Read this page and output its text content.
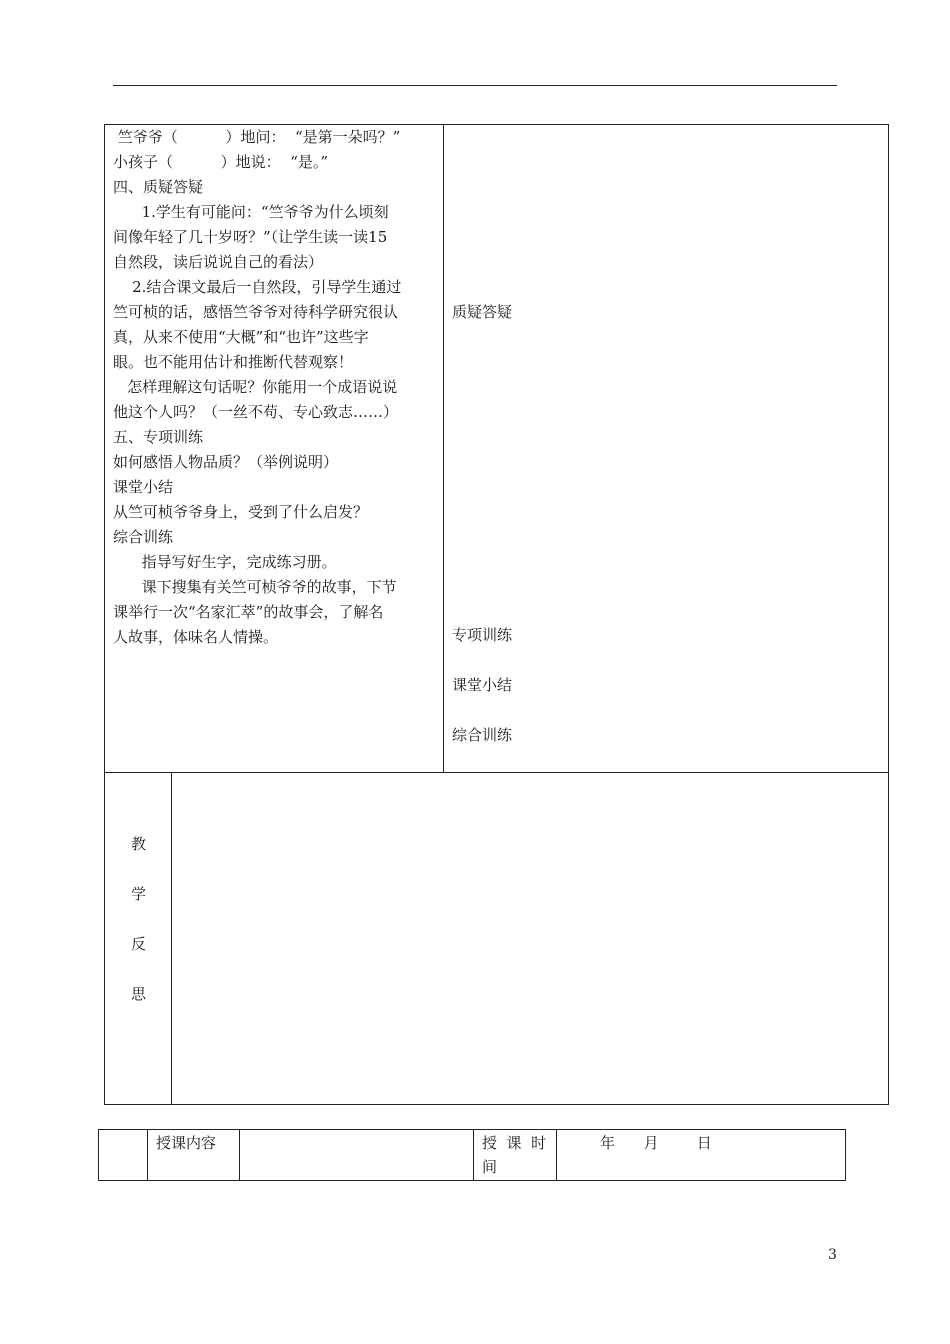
竺爷爷（          ）地问：  “是第一朵吗？”
小孩子（          ）地说：  “是。”
四、质疑答疑
1.学生有可能问：“竺爷爷为什么顷刻
间像年轻了几十岁呀？”（让学生读一读15
自然段，读后说说自己的看法）
2.结合课文最后一自然段，引导学生通过
竺可桢的话，感悟竺爷爷对待科学研究很认
真，从来不使用“大概”和“也许”这些字
眼。也不能用估计和推断代替观察！
怎样理解这句话呢？你能用一个成语说说
他这个人吗？（一丝不苟、专心致志……）
五、专项训练
如何感悟人物品质？（举例说明）
课堂小结
从竺可桢爷爷身上，受到了什么启发？
综合训练
指导写好生字，完成练习册。
课下搜集有关竺可桢爷爷的故事，下节
课举行一次“名家汇萃”的故事会，了解名
人故事，体味名人情操。
质疑答疑
专项训练
课堂小结
综合训练
教
学
反
思
授课内容	授  课  时
间
年      月        日
3
